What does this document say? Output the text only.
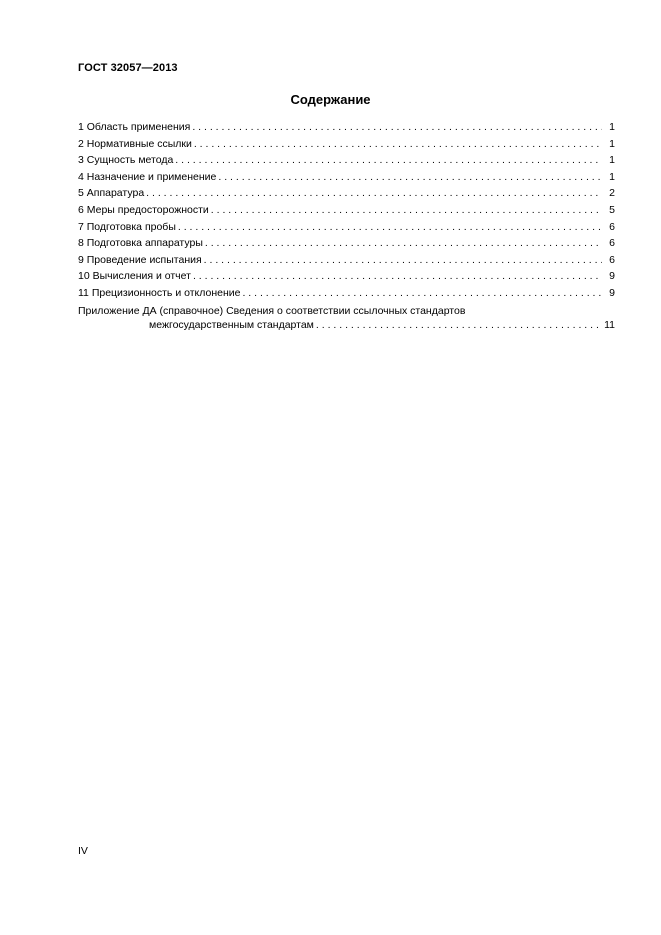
ГОСТ 32057—2013
Содержание
1 Область применения . . .	1
2 Нормативные ссылки . . .	1
3 Сущность метода . . .	1
4 Назначение и применение . . .	1
5 Аппаратура . . .	2
6 Меры предосторожности . . .	5
7 Подготовка пробы . . .	6
8 Подготовка аппаратуры . . .	6
9 Проведение испытания . . .	6
10 Вычисления и отчет . . .	9
11 Прецизионность и отклонение . . .	9
Приложение ДА (справочное) Сведения о соответствии ссылочных стандартов
межгосударственным стандартам . . .	11
IV
